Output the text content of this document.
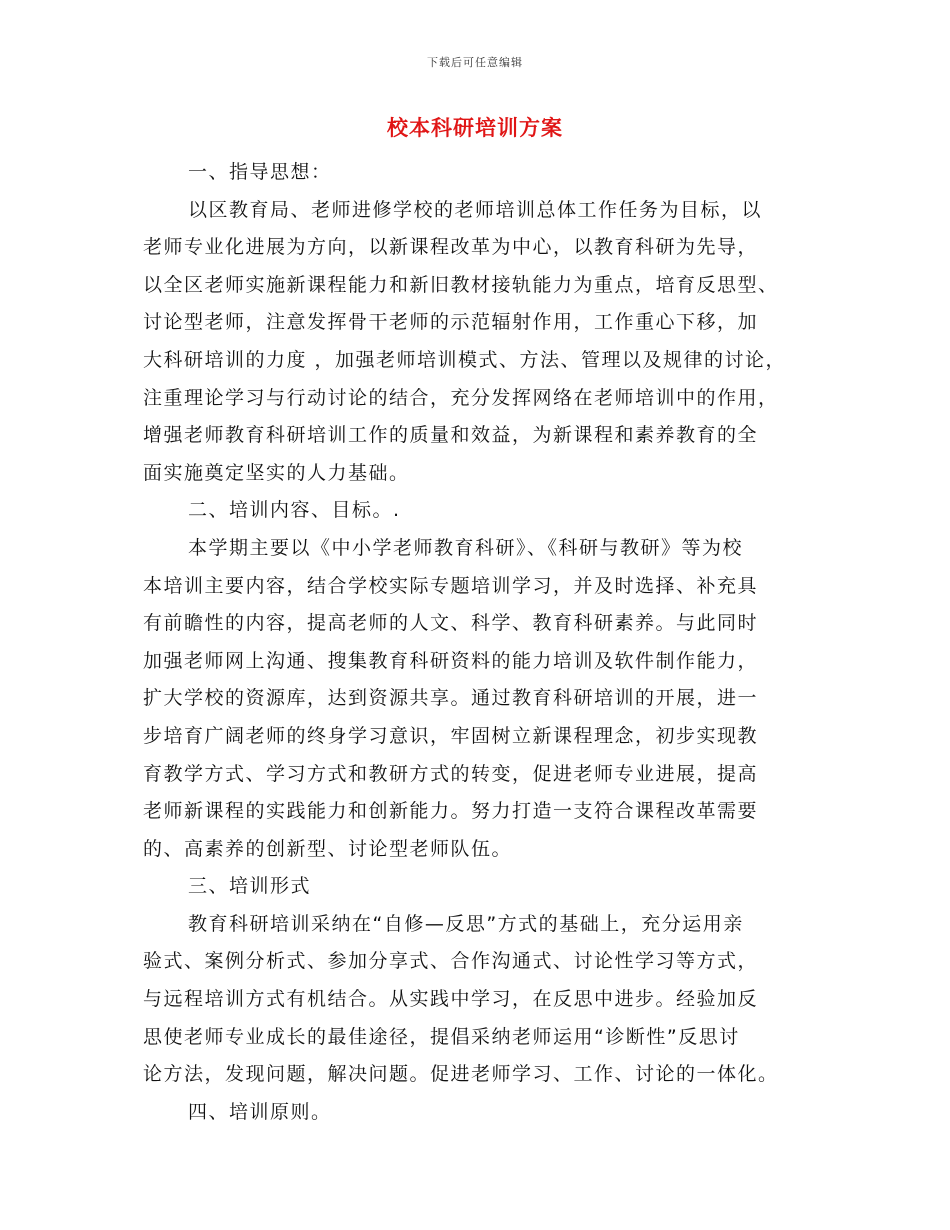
下载后可任意编辑
校本科研培训方案
一、指导思想：
以区教育局、老师进修学校的老师培训总体工作任务为目标，以
老师专业化进展为方向，以新课程改革为中心，以教育科研为先导，
以全区老师实施新课程能力和新旧教材接轨能力为重点，培育反思型、
讨论型老师，注意发挥骨干老师的示范辐射作用，工作重心下移，加
大科研培训的力度 ，加强老师培训模式、方法、管理以及规律的讨论，
注重理论学习与行动讨论的结合，充分发挥网络在老师培训中的作用，
增强老师教育科研培训工作的质量和效益，为新课程和素养教育的全
面实施奠定坚实的人力基础。
二、培训内容、目标。.
本学期主要以《中小学老师教育科研》、《科研与教研》等为校
本培训主要内容，结合学校实际专题培训学习，并及时选择、补充具
有前瞻性的内容，提高老师的人文、科学、教育科研素养。与此同时
加强老师网上沟通、搜集教育科研资料的能力培训及软件制作能力，
扩大学校的资源库，达到资源共享。通过教育科研培训的开展，进一
步培育广阔老师的终身学习意识，牢固树立新课程理念，初步实现教
育教学方式、学习方式和教研方式的转变，促进老师专业进展，提高
老师新课程的实践能力和创新能力。努力打造一支符合课程改革需要
的、高素养的创新型、讨论型老师队伍。
三、培训形式
教育科研培训采纳在“自修—反思”方式的基础上，充分运用亲
验式、案例分析式、参加分享式、合作沟通式、讨论性学习等方式，
与远程培训方式有机结合。从实践中学习，在反思中进步。经验加反
思使老师专业成长的最佳途径，提倡采纳老师运用“诊断性”反思讨
论方法，发现问题，解决问题。促进老师学习、工作、讨论的一体化。
四、培训原则。
